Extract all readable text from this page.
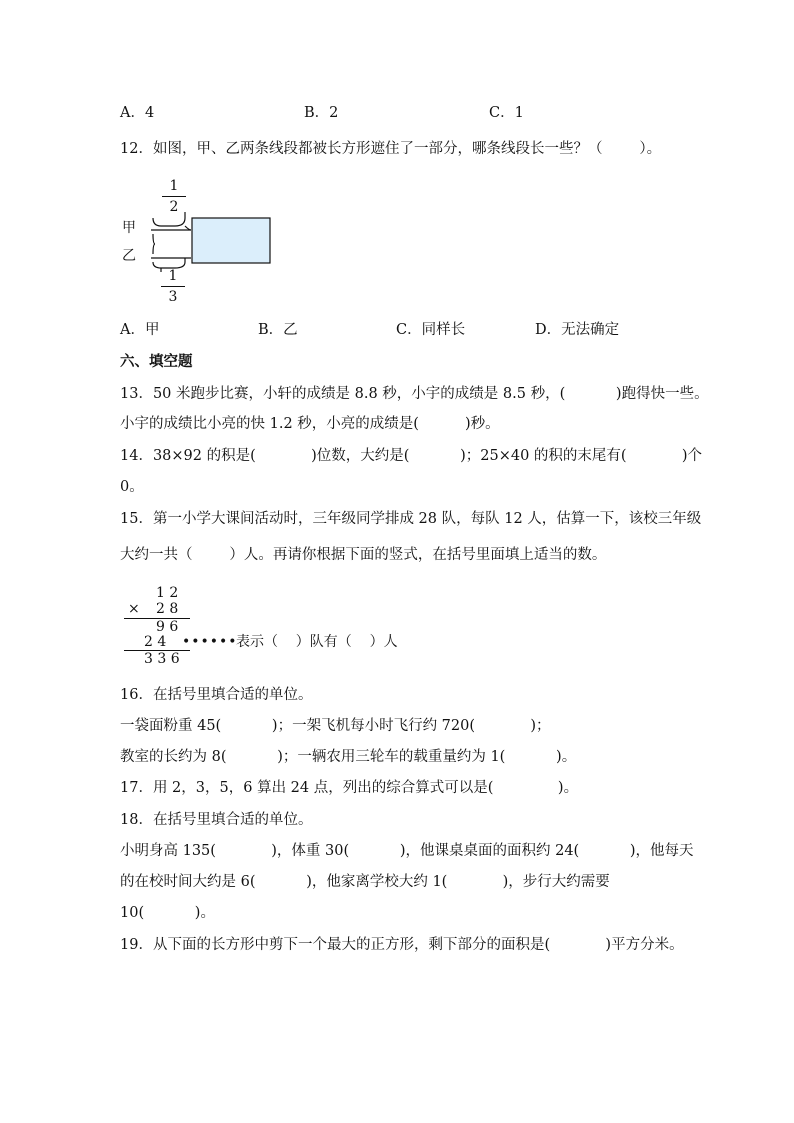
A．4	B．2	C．1
12．如图，甲、乙两条线段都被长方形遮住了一部分，哪条线段长一些？（        ）。
1
2
甲
乙
1
3
A．甲	B．乙	C．同样长	D．无法确定
六、填空题
13．50 米跑步比赛，小轩的成绩是 8.8 秒，小宇的成绩是 8.5 秒，(           )跑得快一些。
小宇的成绩比小亮的快 1.2 秒，小亮的成绩是(          )秒。
14．38×92 的积是(            )位数，大约是(           )；25×40 的积的末尾有(            )个
0。
15．第一小学大课间活动时，三年级同学排成 28 队，每队 12 人，估算一下，该校三年级
大约一共（        ）人。再请你根据下面的竖式，在括号里面填上适当的数。
1 2
× 2 8
9 6
2 4 ••••••
表示（    ）队有（    ）人
3 3 6
16．在括号里填合适的单位。
一袋面粉重 45(           )；一架飞机每小时飞行约 720(            )；
教室的长约为 8(           )；一辆农用三轮车的载重量约为 1(           )。
17．用 2，3，5，6 算出 24 点，列出的综合算式可以是(              )。
18．在括号里填合适的单位。
小明身高 135(            )，体重 30(           )，他课桌桌面的面积约 24(           )，他每天
的在校时间大约是 6(           )，他家离学校大约 1(            )，步行大约需要
10(           )。
19．从下面的长方形中剪下一个最大的正方形，剩下部分的面积是(            )平方分米。
